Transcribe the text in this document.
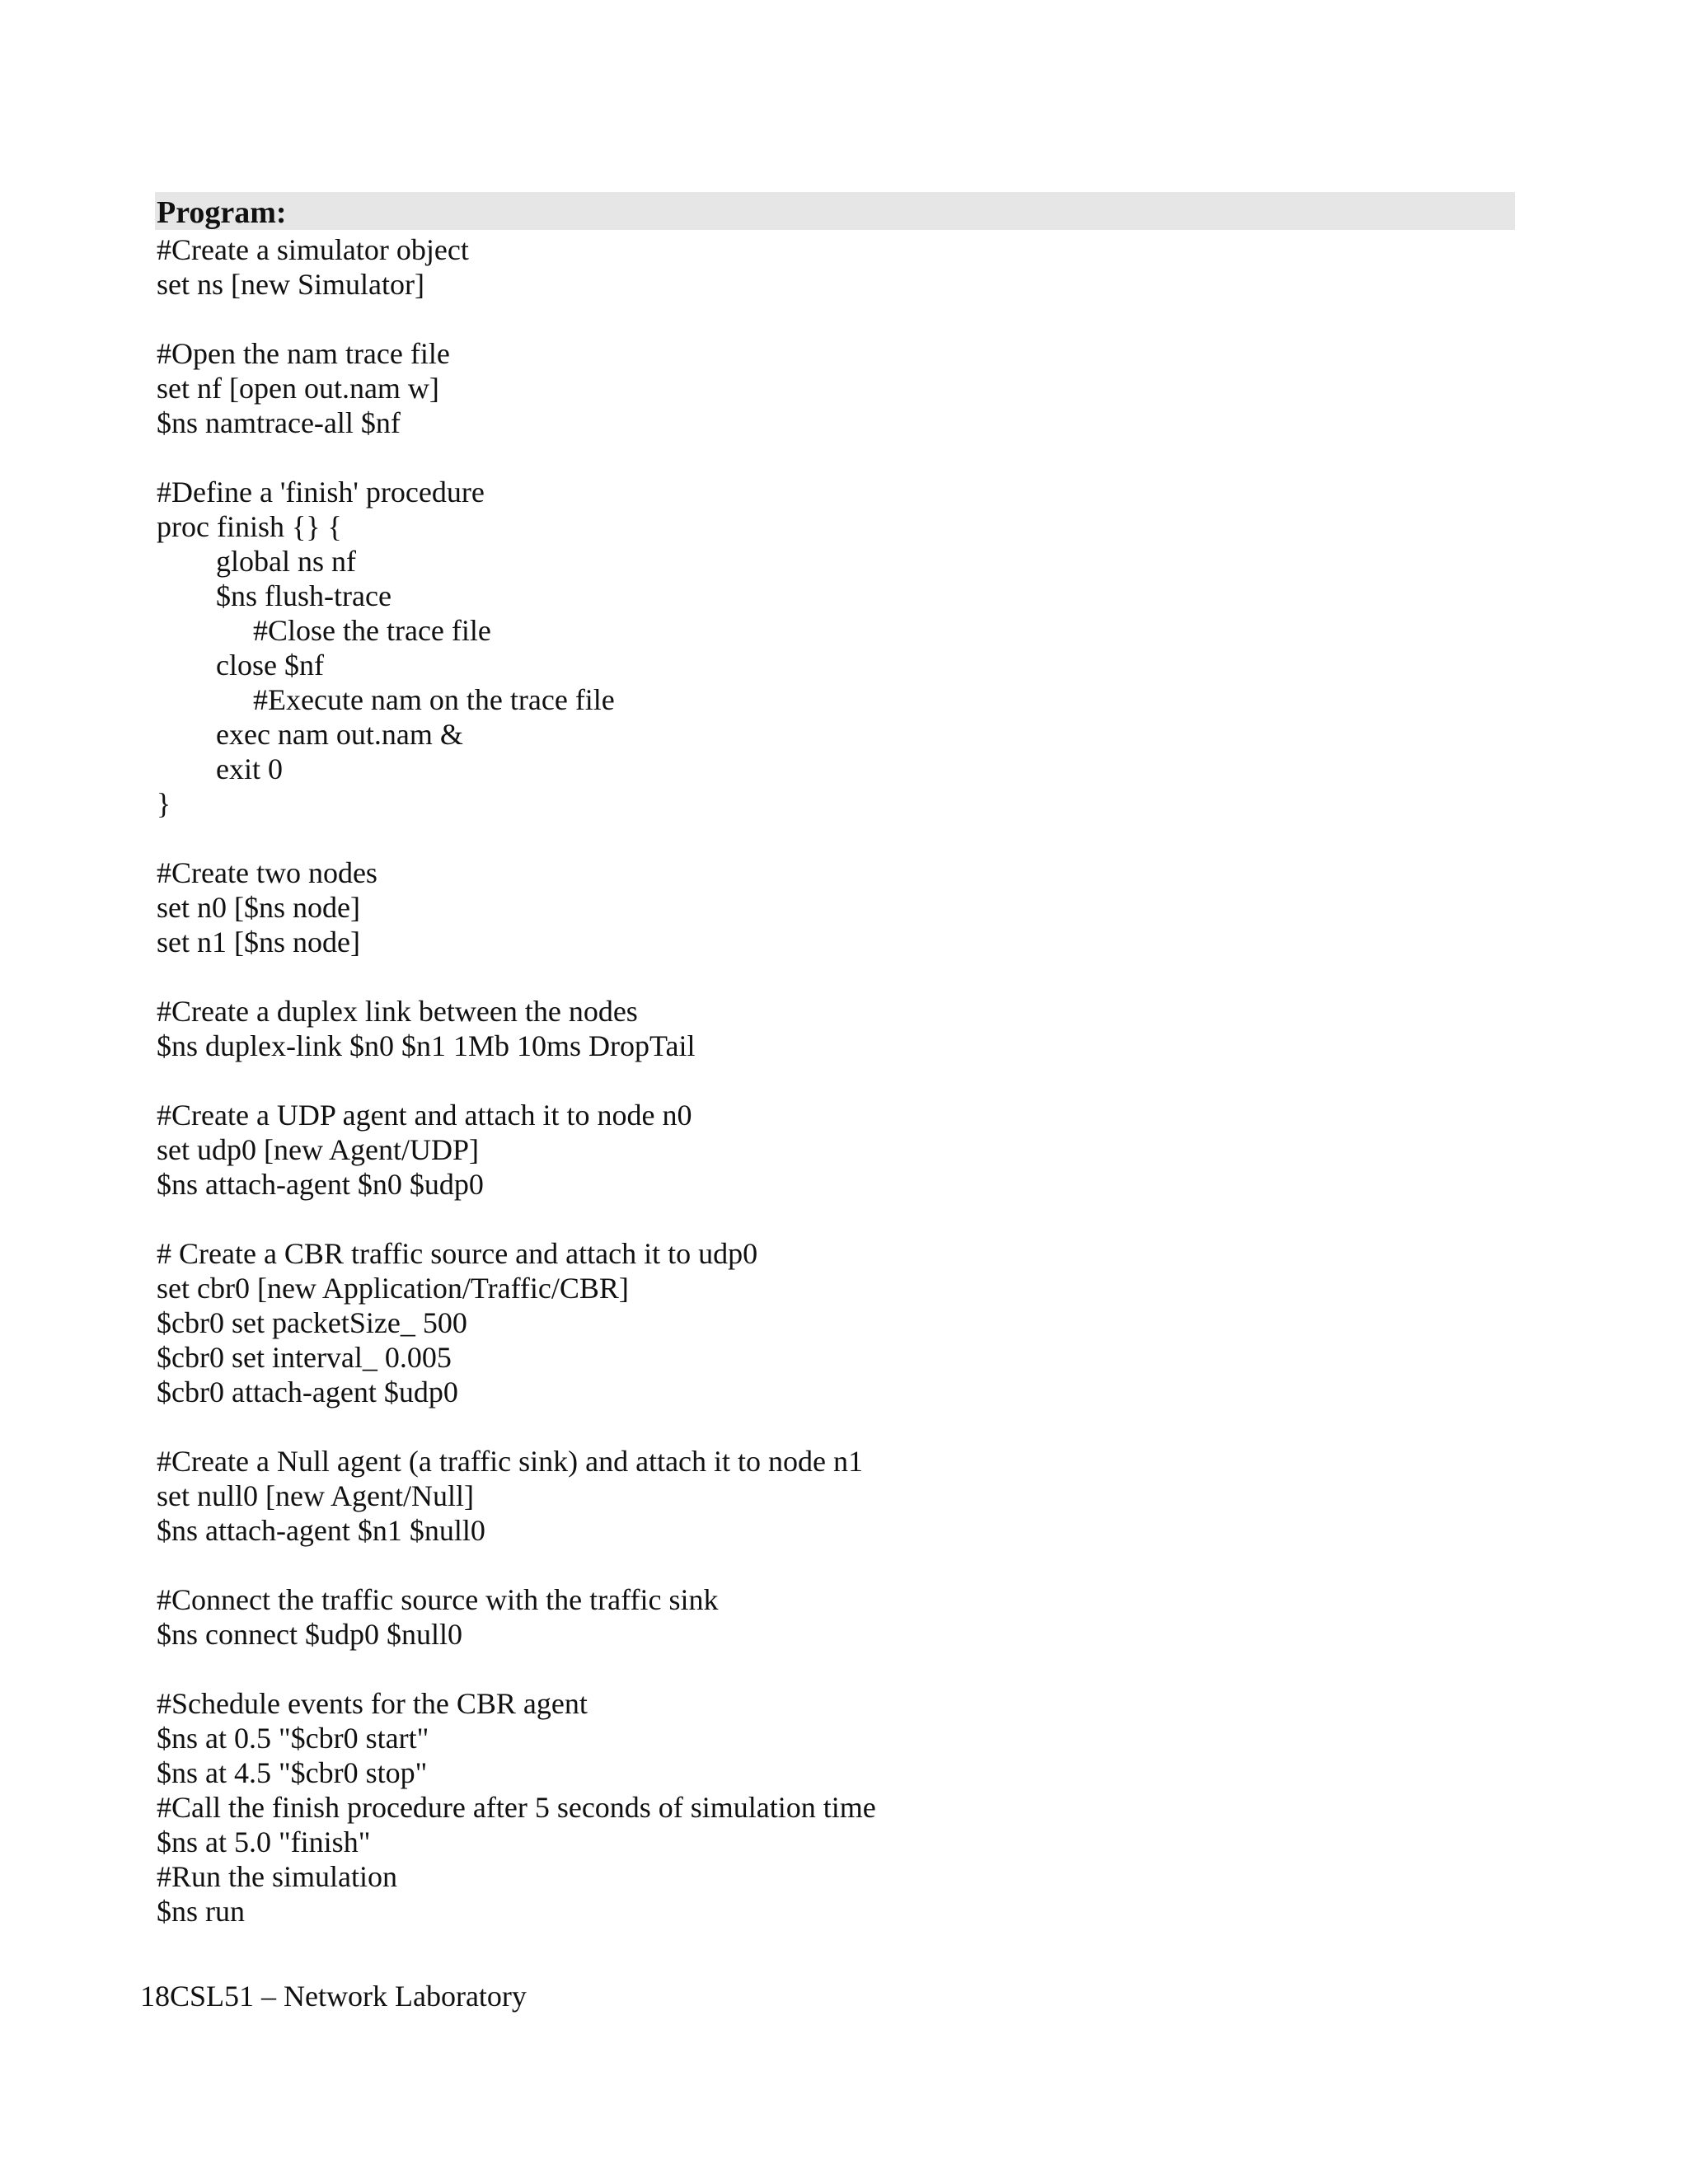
Program:
#Create a simulator object
set ns [new Simulator]
#Open the nam trace file
set nf [open out.nam w]
$ns namtrace-all $nf
#Define a 'finish' procedure
proc finish {} {
global ns nf
$ns flush-trace
#Close the trace file
close $nf
#Execute nam on the trace file
exec nam out.nam &
exit 0
}
#Create two nodes
set n0 [$ns node]
set n1 [$ns node]
#Create a duplex link between the nodes
$ns duplex-link $n0 $n1 1Mb 10ms DropTail
#Create a UDP agent and attach it to node n0
set udp0 [new Agent/UDP]
$ns attach-agent $n0 $udp0
# Create a CBR traffic source and attach it to udp0
set cbr0 [new Application/Traffic/CBR]
$cbr0 set packetSize_ 500
$cbr0 set interval_ 0.005
$cbr0 attach-agent $udp0
#Create a Null agent (a traffic sink) and attach it to node n1
set null0 [new Agent/Null]
$ns attach-agent $n1 $null0
#Connect the traffic source with the traffic sink
$ns connect $udp0 $null0
#Schedule events for the CBR agent
$ns at 0.5 "$cbr0 start"
$ns at 4.5 "$cbr0 stop"
#Call the finish procedure after 5 seconds of simulation time
$ns at 5.0 "finish"
#Run the simulation
$ns run
18CSL51 – Network Laboratory
